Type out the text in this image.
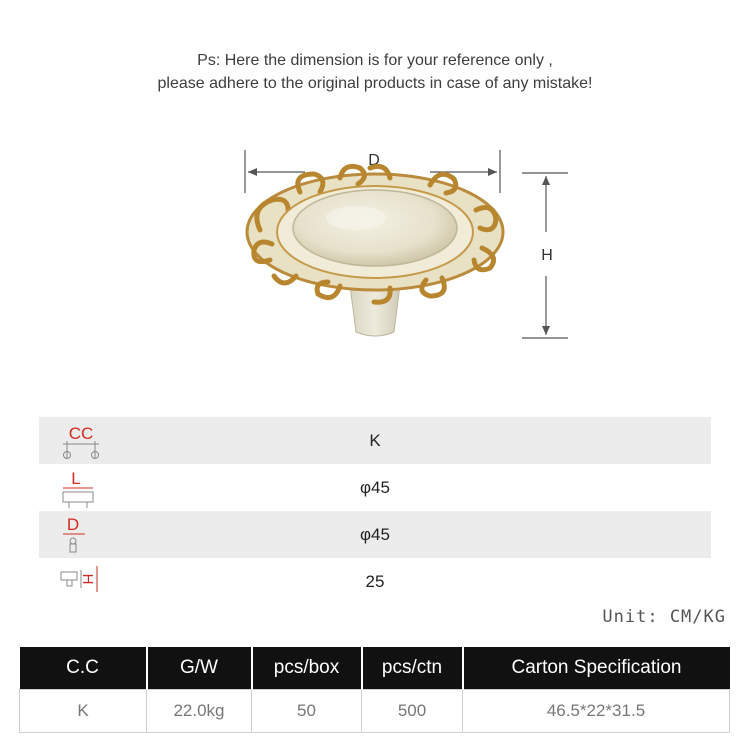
Ps: Here the dimension is for your reference only ,
please adhere to the original products in case of any mistake!
D
H
CC	K
L	φ45
D	φ45
H	25
Unit: CM/KG
C.C	G/W	pcs/box	pcs/ctn	Carton Specification
K	22.0kg	50	500	46.5*22*31.5
